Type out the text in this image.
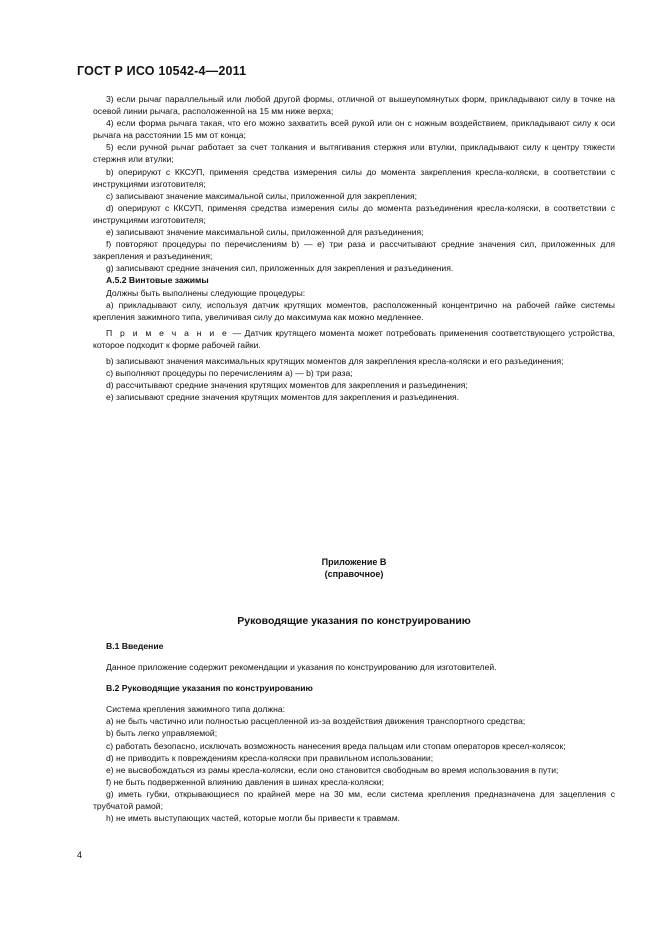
ГОСТ Р ИСО 10542-4—2011

3) если рычаг параллельный или любой другой формы, отличной от вышеупомянутых форм, прикладывают силу в точке на осевой линии рычага, расположенной на 15 мм ниже верха;

4) если форма рычага такая, что его можно захватить всей рукой или он с ножным воздействием, прикладывают силу к оси рычага на расстоянии 15 мм от конца;

5) если ручной рычаг работает за счет толкания и вытягивания стержня или втулки, прикладывают силу к центру тяжести стержня или втулки;

b) оперируют с ККСУП, применяя средства измерения силы до момента закрепления кресла-коляски, в соответствии с инструкциями изготовителя;

c) записывают значение максимальной силы, приложенной для закрепления;

d) оперируют с ККСУП, применяя средства измерения силы до момента разъединения кресла-коляски, в соответствии с инструкциями изготовителя;

e) записывают значение максимальной силы, приложенной для разъединения;

f) повторяют процедуры по перечислениям b) — e) три раза и рассчитывают средние значения сил, приложенных для закрепления и разъединения;

g) записывают средние значения сил, приложенных для закрепления и разъединения.

А.5.2 Винтовые зажимы

Должны быть выполнены следующие процедуры:

а) прикладывают силу, используя датчик крутящих моментов, расположенный концентрично на рабочей гайке системы крепления зажимного типа, увеличивая силу до максимума как можно медленнее.

П р и м е ч а н и е — Датчик крутящего момента может потребовать применения соответствующего устройства, которое подходит к форме рабочей гайки.

b) записывают значения максимальных крутящих моментов для закрепления кресла-коляски и его разъединения;

c) выполняют процедуры по перечислениям а) — b) три раза;

d) рассчитывают средние значения крутящих моментов для закрепления и разъединения;

e) записывают средние значения крутящих моментов для закрепления и разъединения.

Приложение В
(справочное)
Руководящие указания по конструированию

В.1 Введение

Данное приложение содержит рекомендации и указания по конструированию для изготовителей.

В.2 Руководящие указания по конструированию

Система крепления зажимного типа должна:

а) не быть частично или полностью расцепленной из-за воздействия движения транспортного средства;

b) быть легко управляемой;

c) работать безопасно, исключать возможность нанесения вреда пальцам или стопам операторов кресел-колясок;

d) не приводить к повреждениям кресла-коляски при правильном использовании;

e) не высвобождаться из рамы кресла-коляски, если оно становится свободным во время использования в пути;

f) не быть подверженной влиянию давления в шинах кресла-коляски;

g) иметь губки, открывающиеся по крайней мере на 30 мм, если система крепления предназначена для зацепления с трубчатой рамой;

h) не иметь выступающих частей, которые могли бы привести к травмам.

4
